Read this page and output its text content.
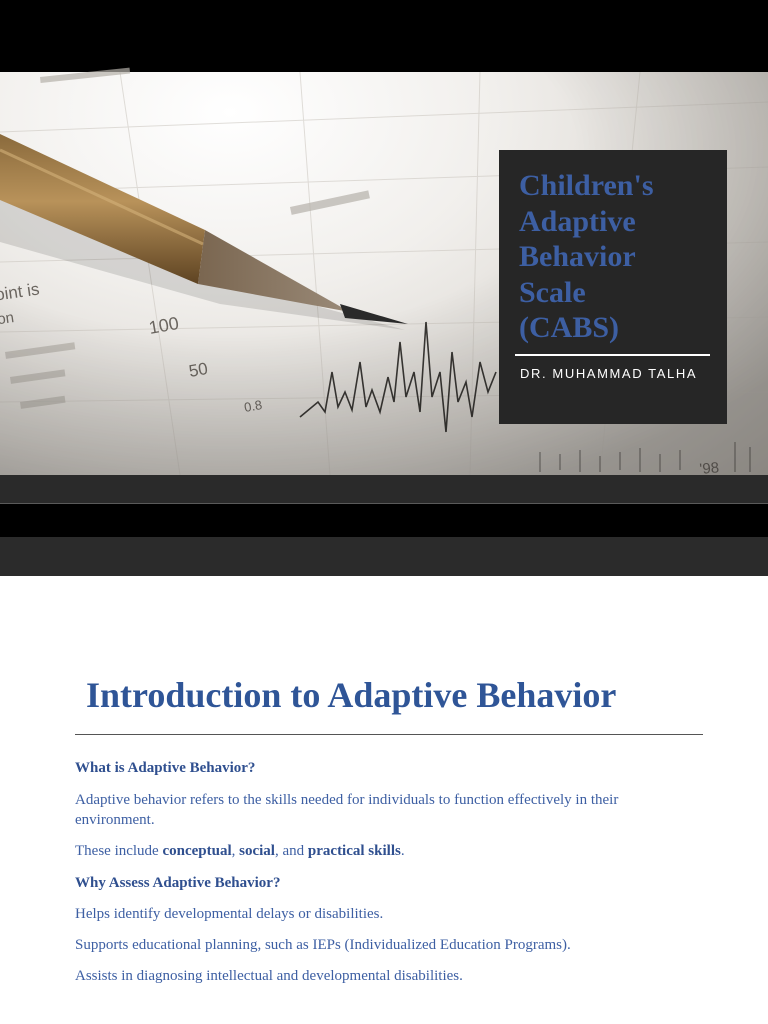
Children's
Adaptive
Behavior
Scale
(CABS)
DR. MUHAMMAD TALHA
Introduction to Adaptive Behavior

What is Adaptive Behavior?

Adaptive behavior refers to the skills needed for individuals to function effectively in their environment.

These include conceptual, social, and practical skills.

Why Assess Adaptive Behavior?

Helps identify developmental delays or disabilities.

Supports educational planning, such as IEPs (Individualized Education Programs).

Assists in diagnosing intellectual and developmental disabilities.
